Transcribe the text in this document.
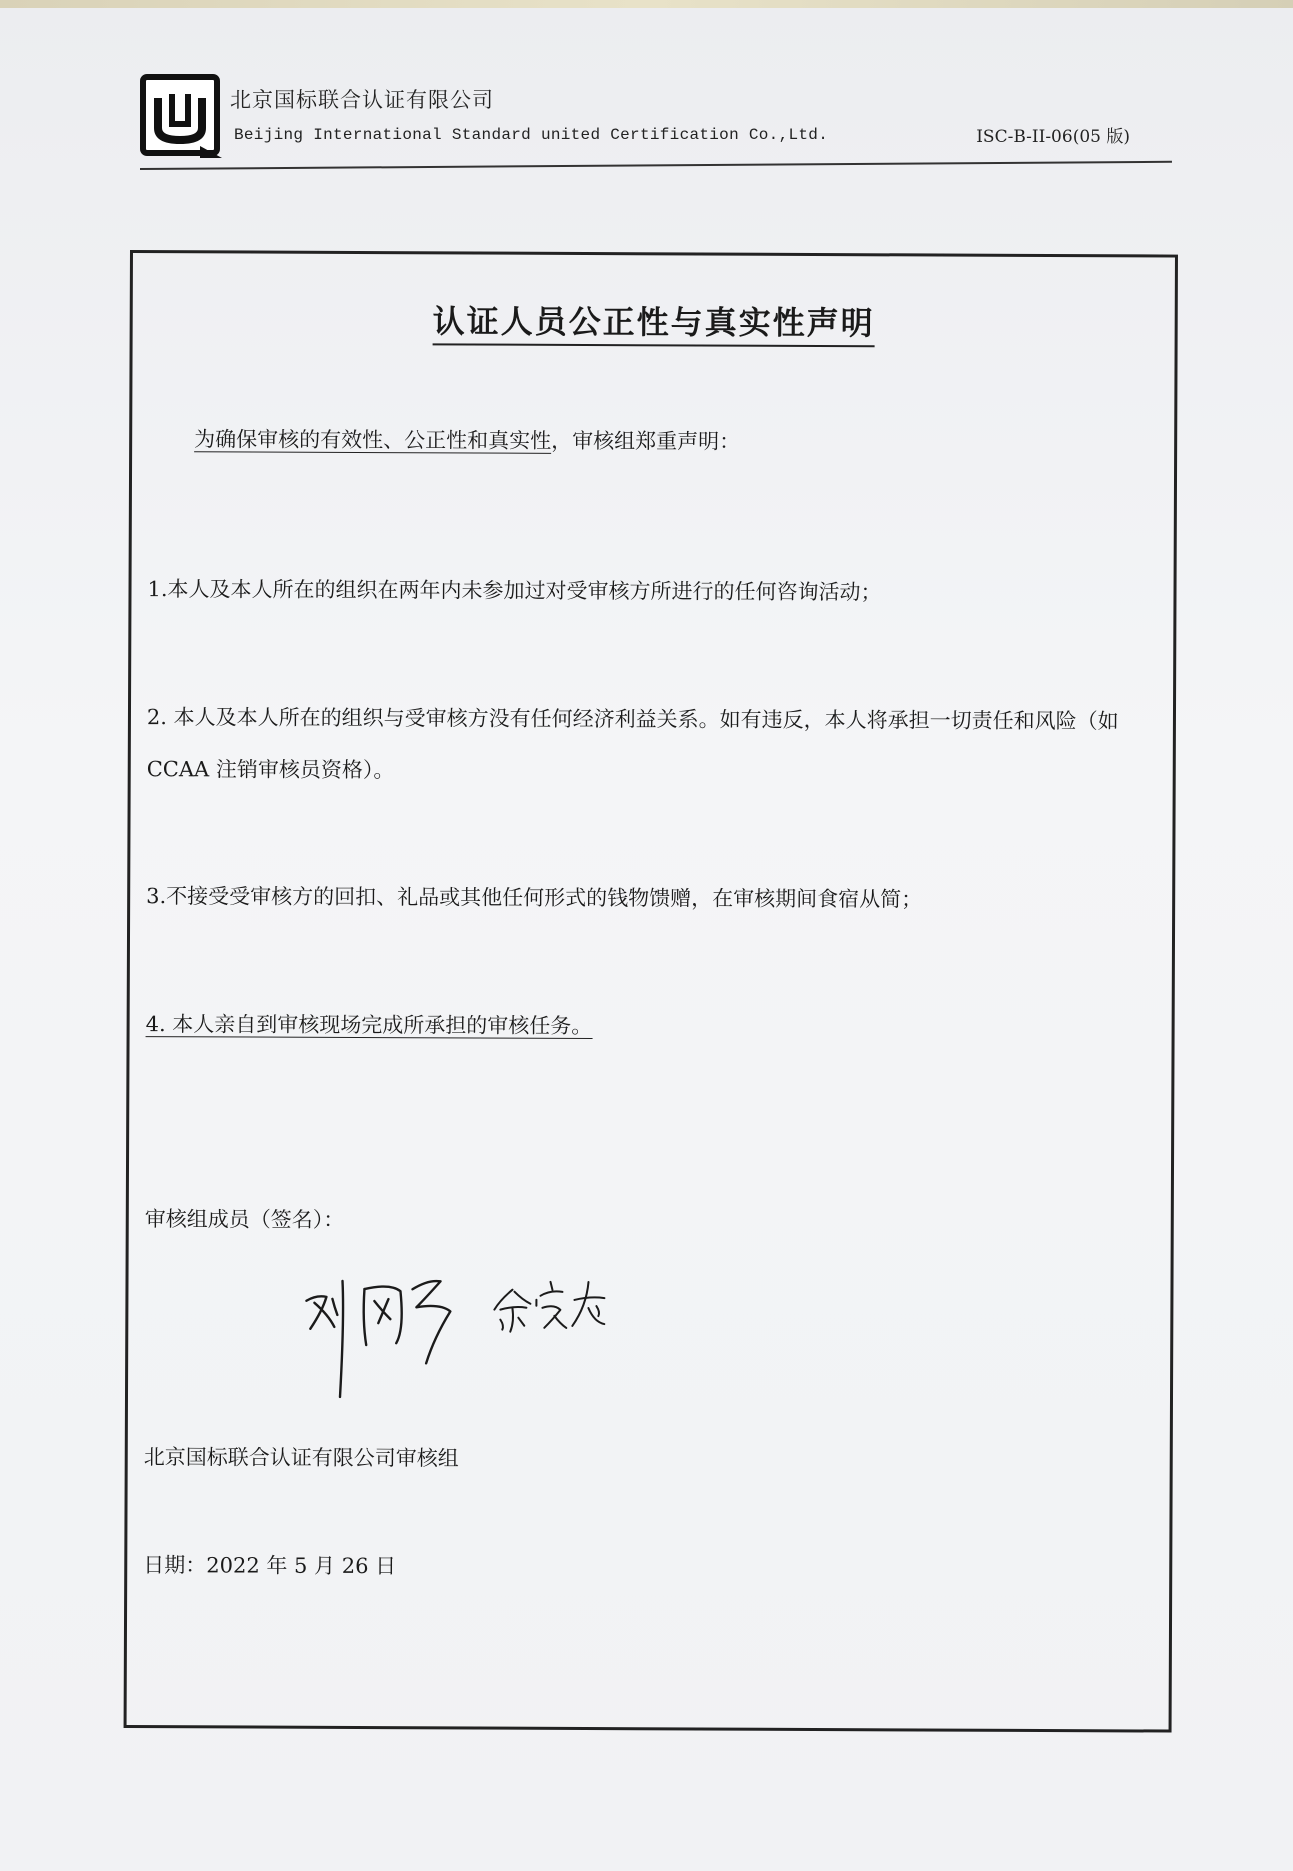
北京国标联合认证有限公司
Beijing International Standard united Certification Co.,Ltd.	ISC-B-II-06(05 版)
认证人员公正性与真实性声明
为确保审核的有效性、公正性和真实性，审核组郑重声明：
1.本人及本人所在的组织在两年内未参加过对受审核方所进行的任何咨询活动；
2. 本人及本人所在的组织与受审核方没有任何经济利益关系。如有违反，本人将承担一切责任和风险（如 CCAA 注销审核员资格）。
3.不接受受审核方的回扣、礼品或其他任何形式的钱物馈赠，在审核期间食宿从简；
4. 本人亲自到审核现场完成所承担的审核任务。
审核组成员（签名）：
北京国标联合认证有限公司审核组
日期：2022 年 5 月 26 日
